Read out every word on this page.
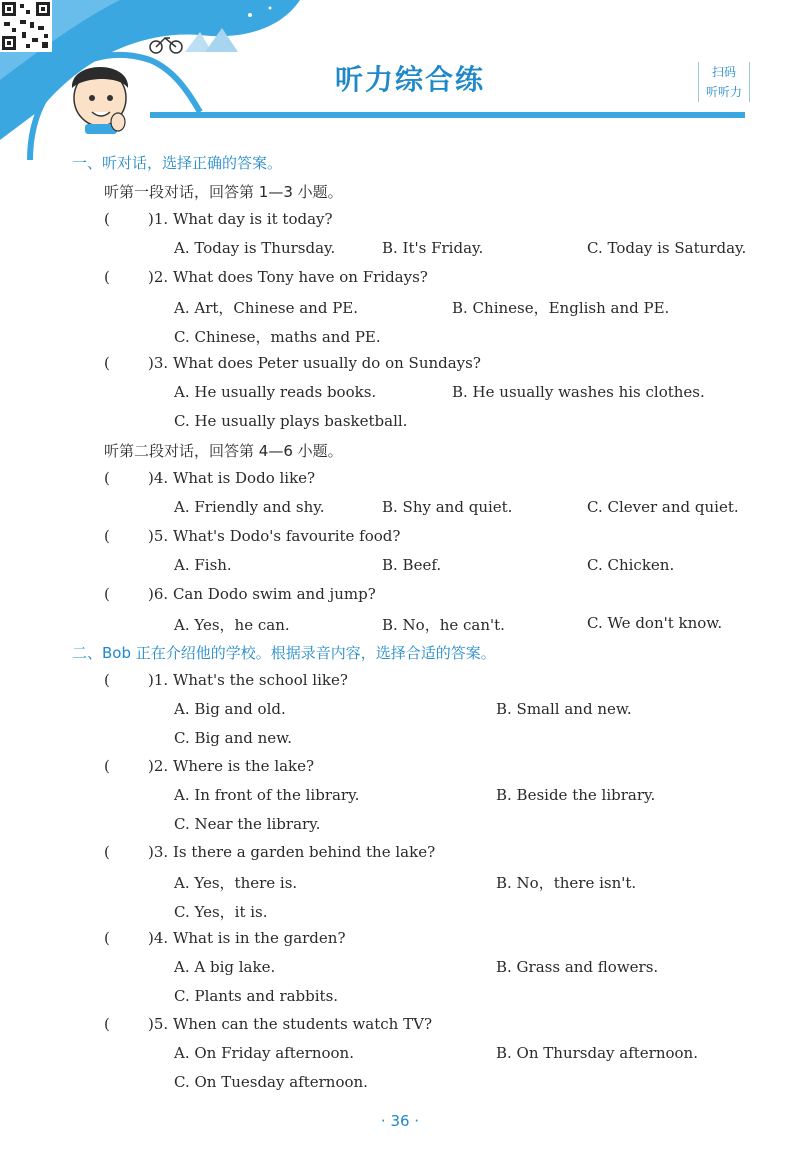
听力综合练	扫码
听听力
一、听对话，选择正确的答案。
听第一段对话，回答第 1—3 小题。
(	)1. What day is it today?
A. Today is Thursday.	B. It's Friday.	C. Today is Saturday.
(	)2. What does Tony have on Fridays?
A. Art，Chinese and PE.	B. Chinese，English and PE.
C. Chinese，maths and PE.
(	)3. What does Peter usually do on Sundays?
A. He usually reads books.	B. He usually washes his clothes.
C. He usually plays basketball.
听第二段对话，回答第 4—6 小题。
(	)4. What is Dodo like?
A. Friendly and shy.	B. Shy and quiet.	C. Clever and quiet.
(	)5. What's Dodo's favourite food?
A. Fish.	B. Beef.	C. Chicken.
(	)6. Can Dodo swim and jump?
A. Yes，he can.	B. No，he can't.	C. We don't know.
二、Bob 正在介绍他的学校。根据录音内容，选择合适的答案。
(	)1. What's the school like?
A. Big and old.	B. Small and new.
C. Big and new.
(	)2. Where is the lake?
A. In front of the library.	B. Beside the library.
C. Near the library.
(	)3. Is there a garden behind the lake?
A. Yes，there is.	B. No，there isn't.
C. Yes，it is.
(	)4. What is in the garden?
A. A big lake.	B. Grass and flowers.
C. Plants and rabbits.
(	)5. When can the students watch TV?
A. On Friday afternoon.	B. On Thursday afternoon.
C. On Tuesday afternoon.
· 36 ·
